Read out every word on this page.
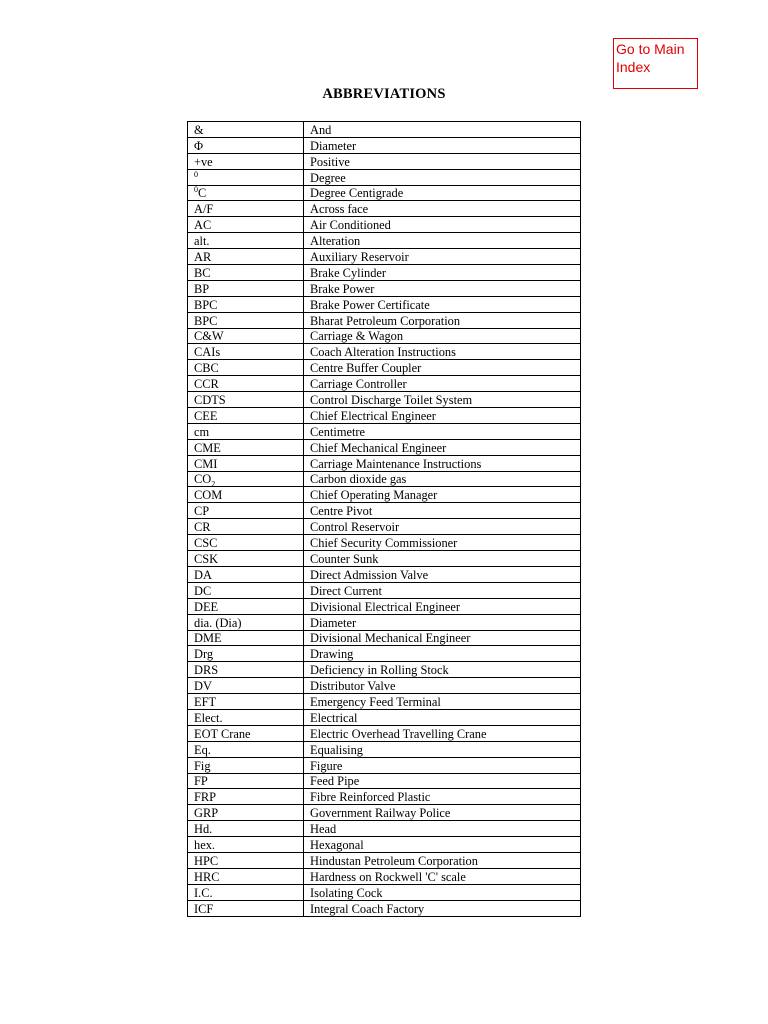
Go to Main Index
ABBREVIATIONS
&	And
Φ	Diameter
+ve	Positive
$^0$	Degree
$^0$C	Degree Centigrade
A/F	Across face
AC	Air Conditioned
alt.	Alteration
AR	Auxiliary Reservoir
BC	Brake Cylinder
BP	Brake Power
BPC	Brake Power Certificate
BPC	Bharat Petroleum Corporation
C&W	Carriage & Wagon
CAIs	Coach Alteration Instructions
CBC	Centre Buffer Coupler
CCR	Carriage Controller
CDTS	Control Discharge Toilet System
CEE	Chief Electrical Engineer
cm	Centimetre
CME	Chief Mechanical Engineer
CMI	Carriage Maintenance Instructions
$CO_2$	Carbon dioxide gas
COM	Chief Operating Manager
CP	Centre Pivot
CR	Control Reservoir
CSC	Chief Security Commissioner
CSK	Counter Sunk
DA	Direct Admission Valve
DC	Direct Current
DEE	Divisional Electrical Engineer
dia. (Dia)	Diameter
DME	Divisional Mechanical Engineer
Drg	Drawing
DRS	Deficiency in Rolling Stock
DV	Distributor Valve
EFT	Emergency Feed Terminal
Elect.	Electrical
EOT Crane	Electric Overhead Travelling Crane
Eq.	Equalising
Fig	Figure
FP	Feed Pipe
FRP	Fibre Reinforced Plastic
GRP	Government Railway Police
Hd.	Head
hex.	Hexagonal
HPC	Hindustan Petroleum Corporation
HRC	Hardness on Rockwell 'C' scale
I.C.	Isolating Cock
ICF	Integral Coach Factory
